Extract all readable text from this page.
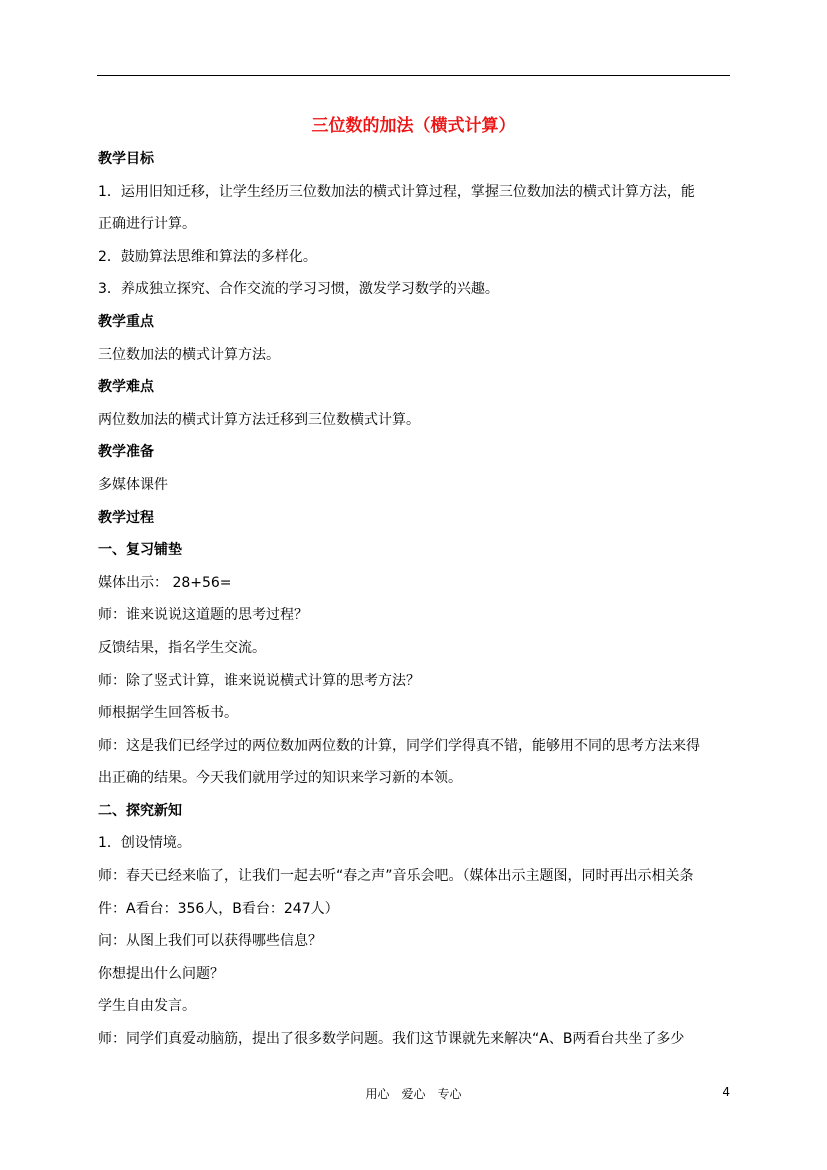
三位数的加法（横式计算）

教学目标

1．运用旧知迁移，让学生经历三位数加法的横式计算过程，掌握三位数加法的横式计算方法，能

正确进行计算。

2．鼓励算法思维和算法的多样化。

3．养成独立探究、合作交流的学习习惯，激发学习数学的兴趣。

教学重点

三位数加法的横式计算方法。

教学难点

两位数加法的横式计算方法迁移到三位数横式计算。

教学准备

多媒体课件

教学过程

一、复习铺垫

媒体出示： 28+56=

师：谁来说说这道题的思考过程？

反馈结果，指名学生交流。

师：除了竖式计算，谁来说说横式计算的思考方法？

师根据学生回答板书。

师：这是我们已经学过的两位数加两位数的计算，同学们学得真不错，能够用不同的思考方法来得

出正确的结果。今天我们就用学过的知识来学习新的本领。

二、探究新知

1．创设情境。

师：春天已经来临了，让我们一起去听“春之声”音乐会吧。（媒体出示主题图，同时再出示相关条

件：A看台：356人，B看台：247人）

问：从图上我们可以获得哪些信息？

你想提出什么问题？

学生自由发言。

师：同学们真爱动脑筋，提出了很多数学问题。我们这节课就先来解决“A、B两看台共坐了多少

用心　爱心　专心	4
